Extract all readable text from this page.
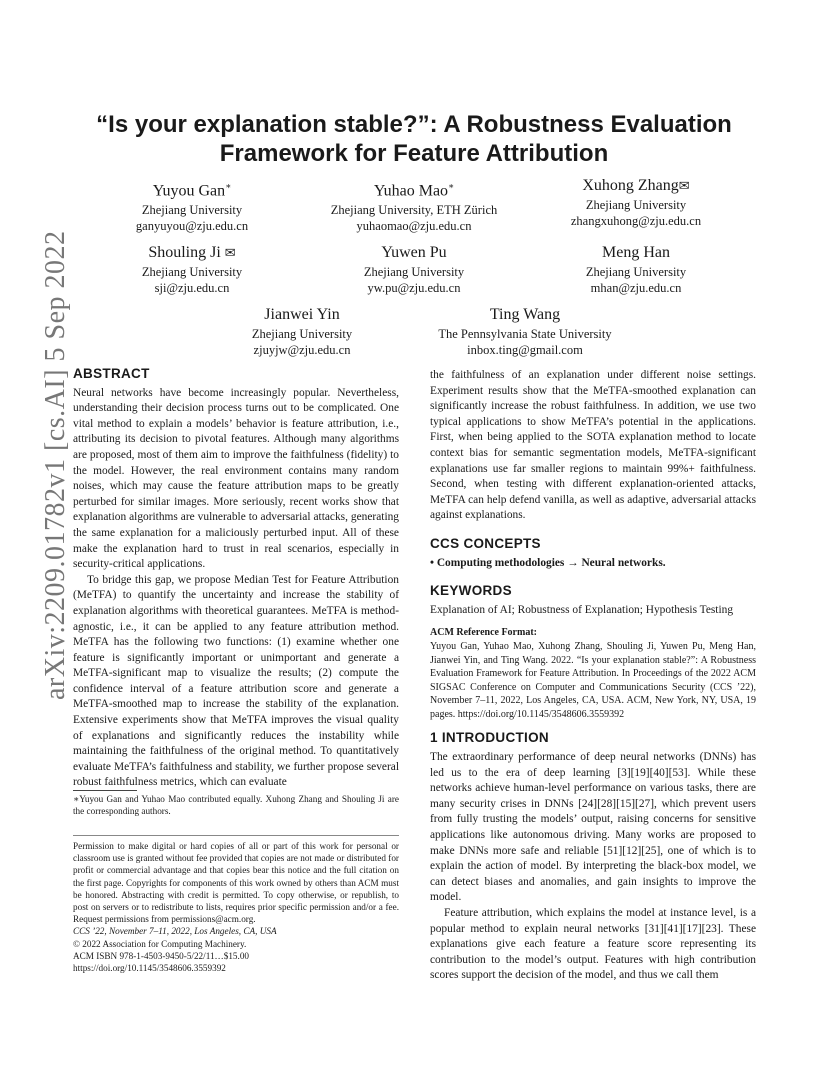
arXiv:2209.01782v1 [cs.AI] 5 Sep 2022
“Is your explanation stable?”: A Robustness Evaluation
Framework for Feature Attribution
Yuyou Gan∗
Zhejiang University
ganyuyou@zju.edu.cn
Yuhao Mao∗
Zhejiang University, ETH Zürich
yuhaomao@zju.edu.cn
Xuhong Zhang✉
Zhejiang University
zhangxuhong@zju.edu.cn
Shouling Ji ✉
Zhejiang University
sji@zju.edu.cn
Yuwen Pu
Zhejiang University
yw.pu@zju.edu.cn
Meng Han
Zhejiang University
mhan@zju.edu.cn
Jianwei Yin
Zhejiang University
zjuyjw@zju.edu.cn
Ting Wang
The Pennsylvania State University
inbox.ting@gmail.com
ABSTRACT

Neural networks have become increasingly popular. Nevertheless, understanding their decision process turns out to be complicated. One vital method to explain a models’ behavior is feature attribution, i.e., attributing its decision to pivotal features. Although many algorithms are proposed, most of them aim to improve the faithfulness (fidelity) to the model. However, the real environment contains many random noises, which may cause the feature attribution maps to be greatly perturbed for similar images. More seriously, recent works show that explanation algorithms are vulnerable to adversarial attacks, generating the same explanation for a maliciously perturbed input. All of these make the explanation hard to trust in real scenarios, especially in security-critical applications.

To bridge this gap, we propose Median Test for Feature Attribution (MeTFA) to quantify the uncertainty and increase the stability of explanation algorithms with theoretical guarantees. MeTFA is method-agnostic, i.e., it can be applied to any feature attribution method. MeTFA has the following two functions: (1) examine whether one feature is significantly important or unimportant and generate a MeTFA-significant map to visualize the results; (2) compute the confidence interval of a feature attribution score and generate a MeTFA-smoothed map to increase the stability of the explanation. Extensive experiments show that MeTFA improves the visual quality of explanations and significantly reduces the instability while maintaining the faithfulness of the original method. To quantitatively evaluate MeTFA’s faithfulness and stability, we further propose several robust faithfulness metrics, which can evaluate

∗Yuyou Gan and Yuhao Mao contributed equally. Xuhong Zhang and Shouling Ji are the corresponding authors.
Permission to make digital or hard copies of all or part of this work for personal or classroom use is granted without fee provided that copies are not made or distributed for profit or commercial advantage and that copies bear this notice and the full citation on the first page. Copyrights for components of this work owned by others than ACM must be honored. Abstracting with credit is permitted. To copy otherwise, or republish, to post on servers or to redistribute to lists, requires prior specific permission and/or a fee. Request permissions from permissions@acm.org.
CCS ’22, November 7–11, 2022, Los Angeles, CA, USA
© 2022 Association for Computing Machinery.
ACM ISBN 978-1-4503-9450-5/22/11…$15.00
https://doi.org/10.1145/3548606.3559392

the faithfulness of an explanation under different noise settings. Experiment results show that the MeTFA-smoothed explanation can significantly increase the robust faithfulness. In addition, we use two typical applications to show MeTFA’s potential in the applications. First, when being applied to the SOTA explanation method to locate context bias for semantic segmentation models, MeTFA-significant explanations use far smaller regions to maintain 99%+ faithfulness. Second, when testing with different explanation-oriented attacks, MeTFA can help defend vanilla, as well as adaptive, adversarial attacks against explanations.

CCS CONCEPTS

• Computing methodologies → Neural networks.

KEYWORDS

Explanation of AI; Robustness of Explanation; Hypothesis Testing

ACM Reference Format:
Yuyou Gan, Yuhao Mao, Xuhong Zhang, Shouling Ji, Yuwen Pu, Meng Han, Jianwei Yin, and Ting Wang. 2022. “Is your explanation stable?”: A Robustness Evaluation Framework for Feature Attribution. In Proceedings of the 2022 ACM SIGSAC Conference on Computer and Communications Security (CCS ’22), November 7–11, 2022, Los Angeles, CA, USA. ACM, New York, NY, USA, 19 pages. https://doi.org/10.1145/3548606.3559392
1 INTRODUCTION

The extraordinary performance of deep neural networks (DNNs) has led us to the era of deep learning [3][19][40][53]. While these networks achieve human-level performance on various tasks, there are many security crises in DNNs [24][28][15][27], which prevent users from fully trusting the models’ output, raising concerns for sensitive applications like autonomous driving. Many works are proposed to make DNNs more safe and reliable [51][12][25], one of which is to explain the action of model. By interpreting the black-box model, we can detect biases and anomalies, and gain insights to improve the model.

Feature attribution, which explains the model at instance level, is a popular method to explain neural networks [31][41][17][23]. These explanations give each feature a feature score representing its contribution to the model’s output. Features with high contribution scores support the decision of the model, and thus we call them
